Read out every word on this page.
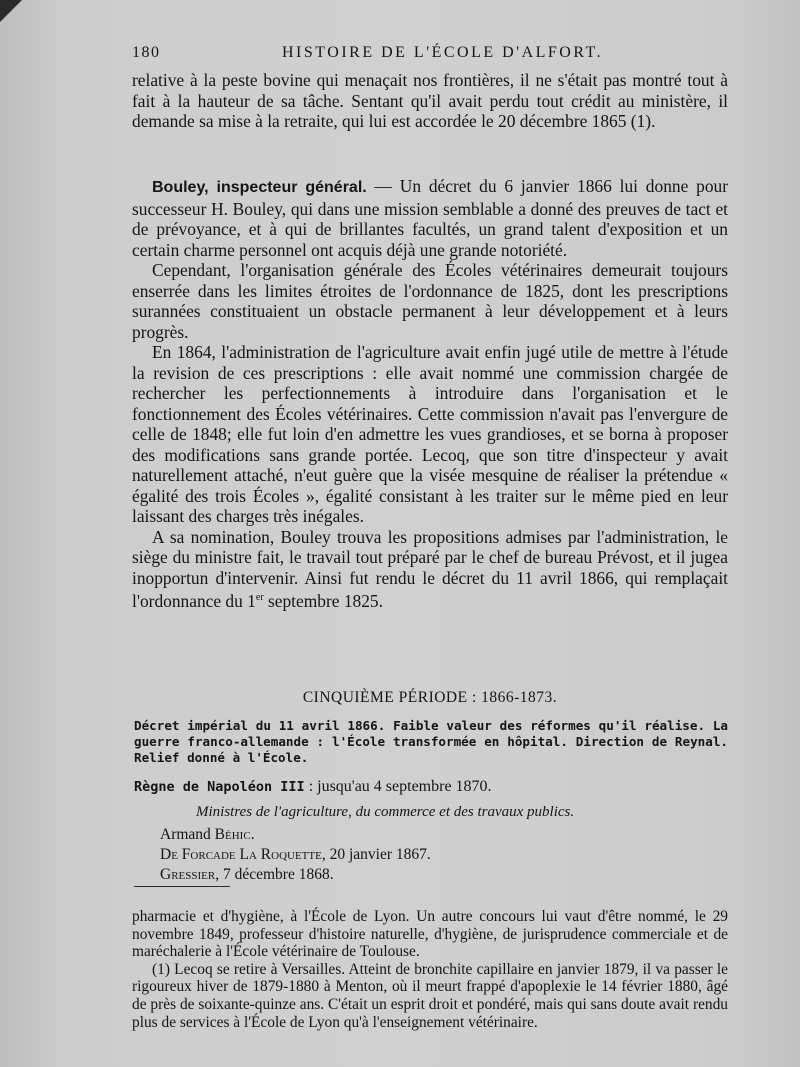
180	HISTOIRE DE L'ÉCOLE D'ALFORT.

relative à la peste bovine qui menaçait nos frontières, il ne s'était pas montré tout à fait à la hauteur de sa tâche. Sentant qu'il avait perdu tout crédit au ministère, il demande sa mise à la retraite, qui lui est accordée le 20 décembre 1865 (1).

Bouley, inspecteur général. — Un décret du 6 janvier 1866 lui donne pour successeur H. Bouley, qui dans une mission semblable a donné des preuves de tact et de prévoyance, et à qui de brillantes facultés, un grand talent d'exposition et un certain charme personnel ont acquis déjà une grande notoriété.

Cependant, l'organisation générale des Écoles vétérinaires demeurait toujours enserrée dans les limites étroites de l'ordonnance de 1825, dont les prescriptions surannées constituaient un obstacle permanent à leur développement et à leurs progrès.

En 1864, l'administration de l'agriculture avait enfin jugé utile de mettre à l'étude la revision de ces prescriptions : elle avait nommé une commission chargée de rechercher les perfectionnements à introduire dans l'organisation et le fonctionnement des Écoles vétérinaires. Cette commission n'avait pas l'envergure de celle de 1848; elle fut loin d'en admettre les vues grandioses, et se borna à proposer des modifications sans grande portée. Lecoq, que son titre d'inspecteur y avait naturellement attaché, n'eut guère que la visée mesquine de réaliser la prétendue « égalité des trois Écoles », égalité consistant à les traiter sur le même pied en leur laissant des charges très inégales.

A sa nomination, Bouley trouva les propositions admises par l'administration, le siège du ministre fait, le travail tout préparé par le chef de bureau Prévost, et il jugea inopportun d'intervenir. Ainsi fut rendu le décret du 11 avril 1866, qui remplaçait l'ordonnance du 1er septembre 1825.

CINQUIÈME PÉRIODE : 1866-1873.
Décret impérial du 11 avril 1866. Faible valeur des réformes qu'il réalise. La guerre franco-allemande : l'École transformée en hôpital. Direction de Reynal. Relief donné à l'École.
Règne de Napoléon III : jusqu'au 4 septembre 1870.
Ministres de l'agriculture, du commerce et des travaux publics.
Armand Béhic.
De Forcade La Roquette, 20 janvier 1867.
Gressier, 7 décembre 1868.

pharmacie et d'hygiène, à l'École de Lyon. Un autre concours lui vaut d'être nommé, le 29 novembre 1849, professeur d'histoire naturelle, d'hygiène, de jurisprudence commerciale et de maréchalerie à l'École vétérinaire de Toulouse.

(1) Lecoq se retire à Versailles. Atteint de bronchite capillaire en janvier 1879, il va passer le rigoureux hiver de 1879-1880 à Menton, où il meurt frappé d'apoplexie le 14 février 1880, âgé de près de soixante-quinze ans. C'était un esprit droit et pondéré, mais qui sans doute avait rendu plus de services à l'École de Lyon qu'à l'enseignement vétérinaire.
